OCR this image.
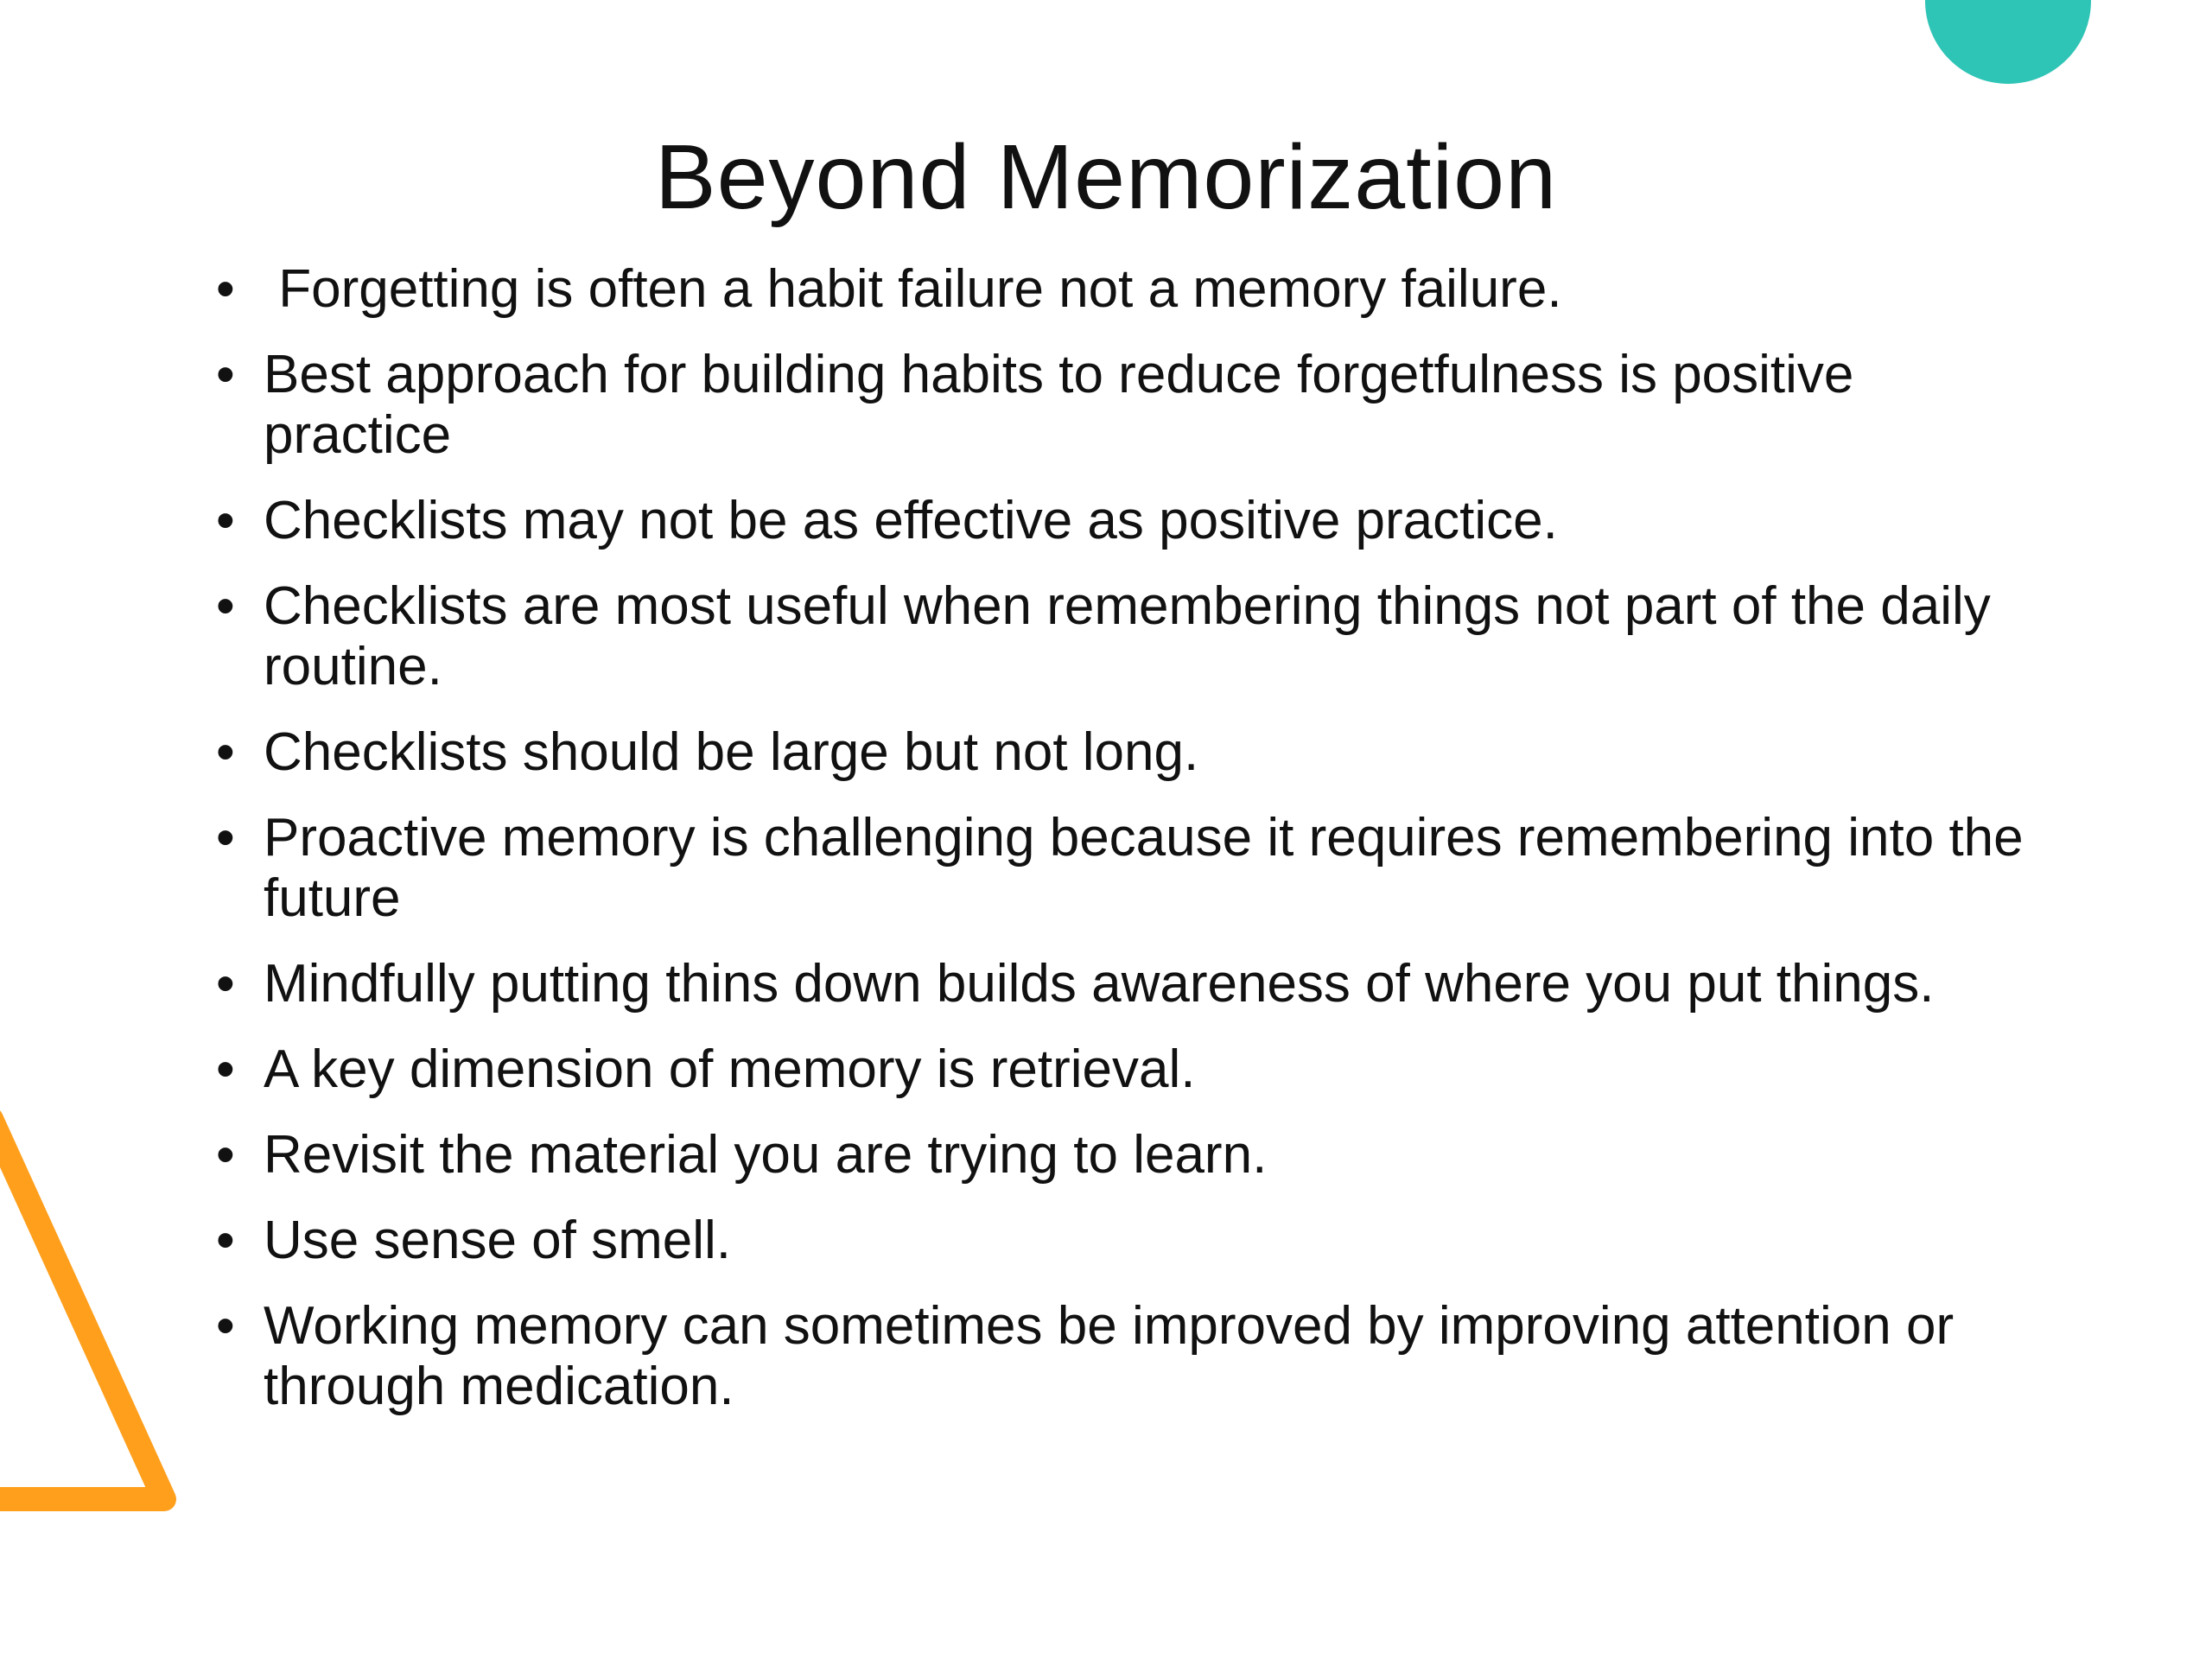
Beyond Memorization
• Forgetting is often a habit failure not a memory failure.
• Best approach for building habits to reduce forgetfulness is positive practice
• Checklists may not be as effective as positive practice.
• Checklists are most useful when remembering things not part of the daily routine.
• Checklists should be large but not long.
• Proactive memory is challenging because it requires remembering into the future
• Mindfully putting thins down builds awareness of where you put things.
• A key dimension of memory is retrieval.
• Revisit the material you are trying to learn.
• Use sense of smell.
• Working memory can sometimes be improved by improving attention or through medication.
